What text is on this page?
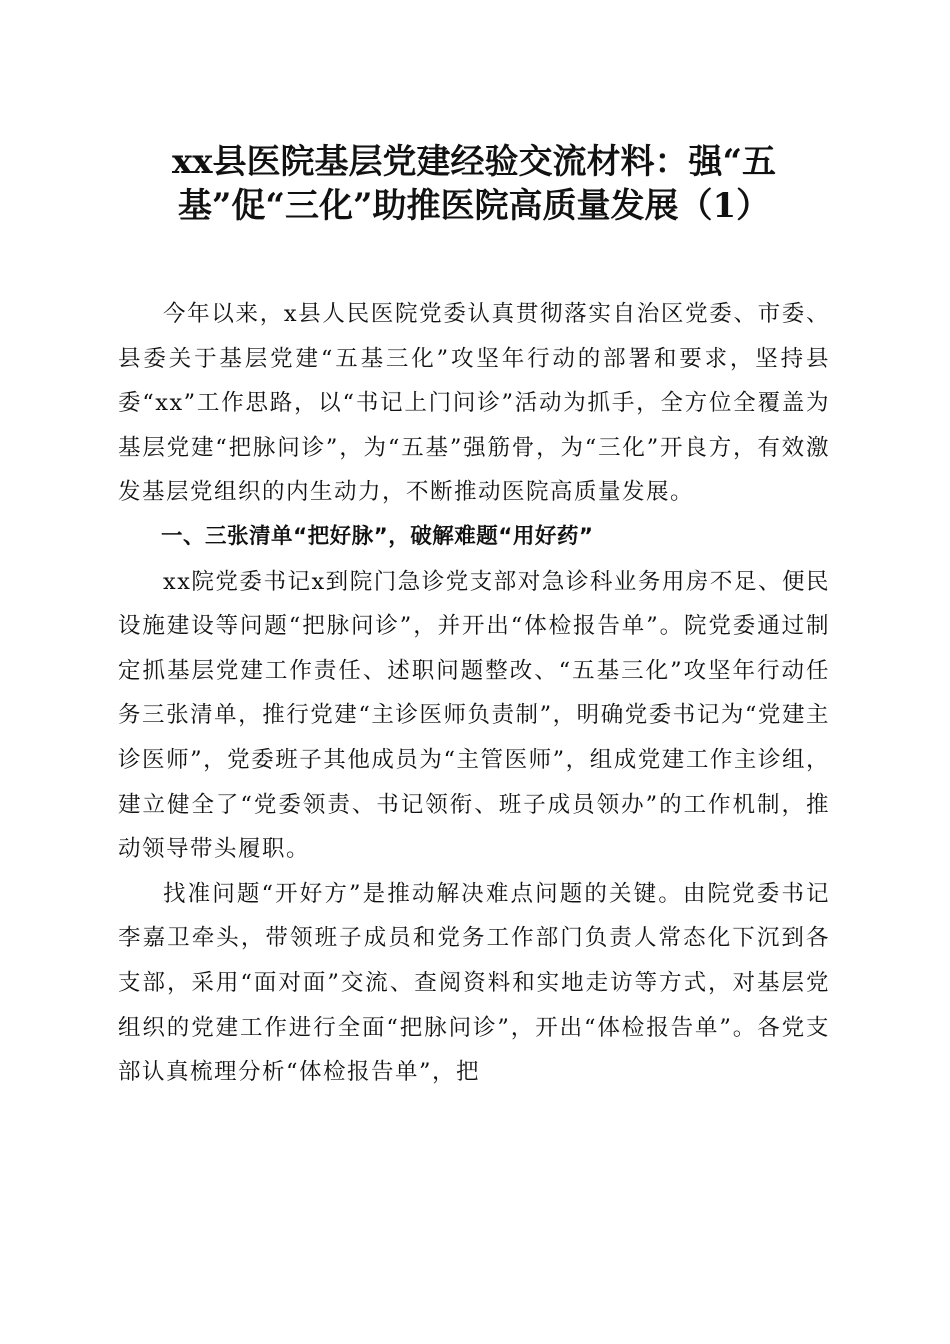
xx县医院基层党建经验交流材料：强“五
基”促“三化”助推医院高质量发展（1）

今年以来，x县人民医院党委认真贯彻落实自治区党委、市委、县委关于基层党建“五基三化”攻坚年行动的部署和要求，坚持县委“xx”工作思路，以“书记上门问诊”活动为抓手，全方位全覆盖为基层党建“把脉问诊”，为“五基”强筋骨，为“三化”开良方，有效激发基层党组织的内生动力，不断推动医院高质量发展。

一、三张清单“把好脉”，破解难题“用好药”

xx院党委书记x到院门急诊党支部对急诊科业务用房不足、便民设施建设等问题“把脉问诊”，并开出“体检报告单”。院党委通过制定抓基层党建工作责任、述职问题整改、“五基三化”攻坚年行动任务三张清单，推行党建“主诊医师负责制”，明确党委书记为“党建主诊医师”，党委班子其他成员为“主管医师”，组成党建工作主诊组，建立健全了“党委领责、书记领衔、班子成员领办”的工作机制，推动领导带头履职。

找准问题“开好方”是推动解决难点问题的关键。由院党委书记李嘉卫牵头，带领班子成员和党务工作部门负责人常态化下沉到各支部，采用“面对面”交流、查阅资料和实地走访等方式，对基层党组织的党建工作进行全面“把脉问诊”，开出“体检报告单”。各党支部认真梳理分析“体检报告单”，把
